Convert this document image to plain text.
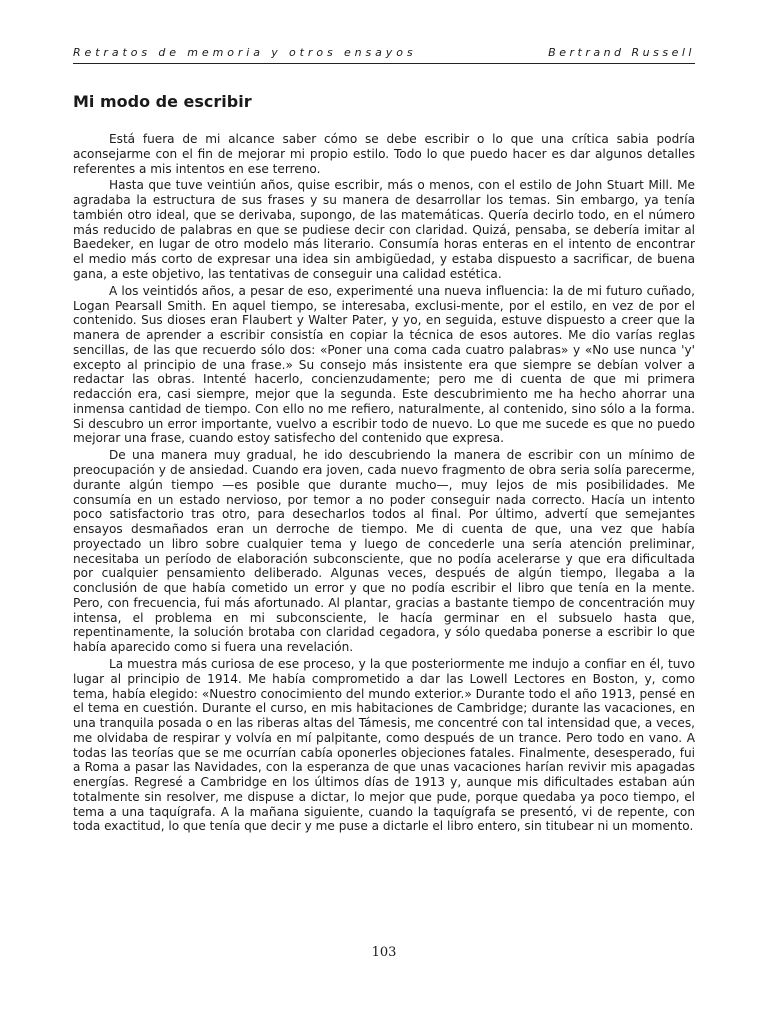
Retratos de memoria y otros ensayos	Bertrand Russell
Mi modo de escribir

Está fuera de mi alcance saber cómo se debe escribir o lo que una crítica sabia podría aconsejarme con el fin de mejorar mi propio estilo. Todo lo que puedo hacer es dar algunos detalles referentes a mis intentos en ese terreno.

Hasta que tuve veintiún años, quise escribir, más o menos, con el estilo de John Stuart Mill. Me agradaba la estructura de sus frases y su manera de desarrollar los temas. Sin embargo, ya tenía también otro ideal, que se derivaba, supongo, de las matemáticas. Quería decirlo todo, en el número más reducido de palabras en que se pudiese decir con claridad. Quizá, pensaba, se debería imitar al Baedeker, en lugar de otro modelo más literario. Consumía horas enteras en el intento de encontrar el medio más corto de expresar una idea sin ambigüedad, y estaba dispuesto a sacrificar, de buena gana, a este objetivo, las tentativas de conseguir una calidad estética.

A los veintidós años, a pesar de eso, experimenté una nueva influencia: la de mi futuro cuñado, Logan Pearsall Smith. En aquel tiempo, se interesaba, exclusi-mente, por el estilo, en vez de por el contenido. Sus dioses eran Flaubert y Walter Pater, y yo, en seguida, estuve dispuesto a creer que la manera de aprender a escribir consistía en copiar la técnica de esos autores. Me dio varías reglas sencillas, de las que recuerdo sólo dos: «Poner una coma cada cuatro palabras» y «No use nunca 'y' excepto al principio de una frase.» Su consejo más insistente era que siempre se debían volver a redactar las obras. Intenté hacerlo, concienzudamente; pero me di cuenta de que mi primera redacción era, casi siempre, mejor que la segunda. Este descubrimiento me ha hecho ahorrar una inmensa cantidad de tiempo. Con ello no me refiero, naturalmente, al contenido, sino sólo a la forma. Si descubro un error importante, vuelvo a escribir todo de nuevo. Lo que me sucede es que no puedo mejorar una frase, cuando estoy satisfecho del contenido que expresa.

De una manera muy gradual, he ido descubriendo la manera de escribir con un mínimo de preocupación y de ansiedad. Cuando era joven, cada nuevo fragmento de obra seria solía parecerme, durante algún tiempo —es posible que durante mucho—, muy lejos de mis posibilidades. Me consumía en un estado nervioso, por temor a no poder conseguir nada correcto. Hacía un intento poco satisfactorio tras otro, para desecharlos todos al final. Por último, advertí que semejantes ensayos desmañados eran un derroche de tiempo. Me di cuenta de que, una vez que había proyectado un libro sobre cualquier tema y luego de concederle una sería atención preliminar, necesitaba un período de elaboración subconsciente, que no podía acelerarse y que era dificultada por cualquier pensamiento deliberado. Algunas veces, después de algún tiempo, llegaba a la conclusión de que había cometido un error y que no podía escribir el libro que tenía en la mente. Pero, con frecuencia, fui más afortunado. Al plantar, gracias a bastante tiempo de concentración muy intensa, el problema en mi subconsciente, le hacía germinar en el subsuelo hasta que, repentinamente, la solución brotaba con claridad cegadora, y sólo quedaba ponerse a escribir lo que había aparecido como si fuera una revelación.

La muestra más curiosa de ese proceso, y la que posteriormente me indujo a confiar en él, tuvo lugar al principio de 1914. Me había comprometido a dar las Lowell Lectores en Boston, y, como tema, había elegido: «Nuestro conocimiento del mundo exterior.» Durante todo el año 1913, pensé en el tema en cuestión. Durante el curso, en mis habitaciones de Cambridge; durante las vacaciones, en una tranquila posada o en las riberas altas del Támesis, me concentré con tal intensidad que, a veces, me olvidaba de respirar y volvía en mí palpitante, como después de un trance. Pero todo en vano. A todas las teorías que se me ocurrían cabía oponerles objeciones fatales. Finalmente, desesperado, fui a Roma a pasar las Navidades, con la esperanza de que unas vacaciones harían revivir mis apagadas energías. Regresé a Cambridge en los últimos días de 1913 y, aunque mis dificultades estaban aún totalmente sin resolver, me dispuse a dictar, lo mejor que pude, porque quedaba ya poco tiempo, el tema a una taquígrafa. A la mañana siguiente, cuando la taquígrafa se presentó, vi de repente, con toda exactitud, lo que tenía que decir y me puse a dictarle el libro entero, sin titubear ni un momento.

103
